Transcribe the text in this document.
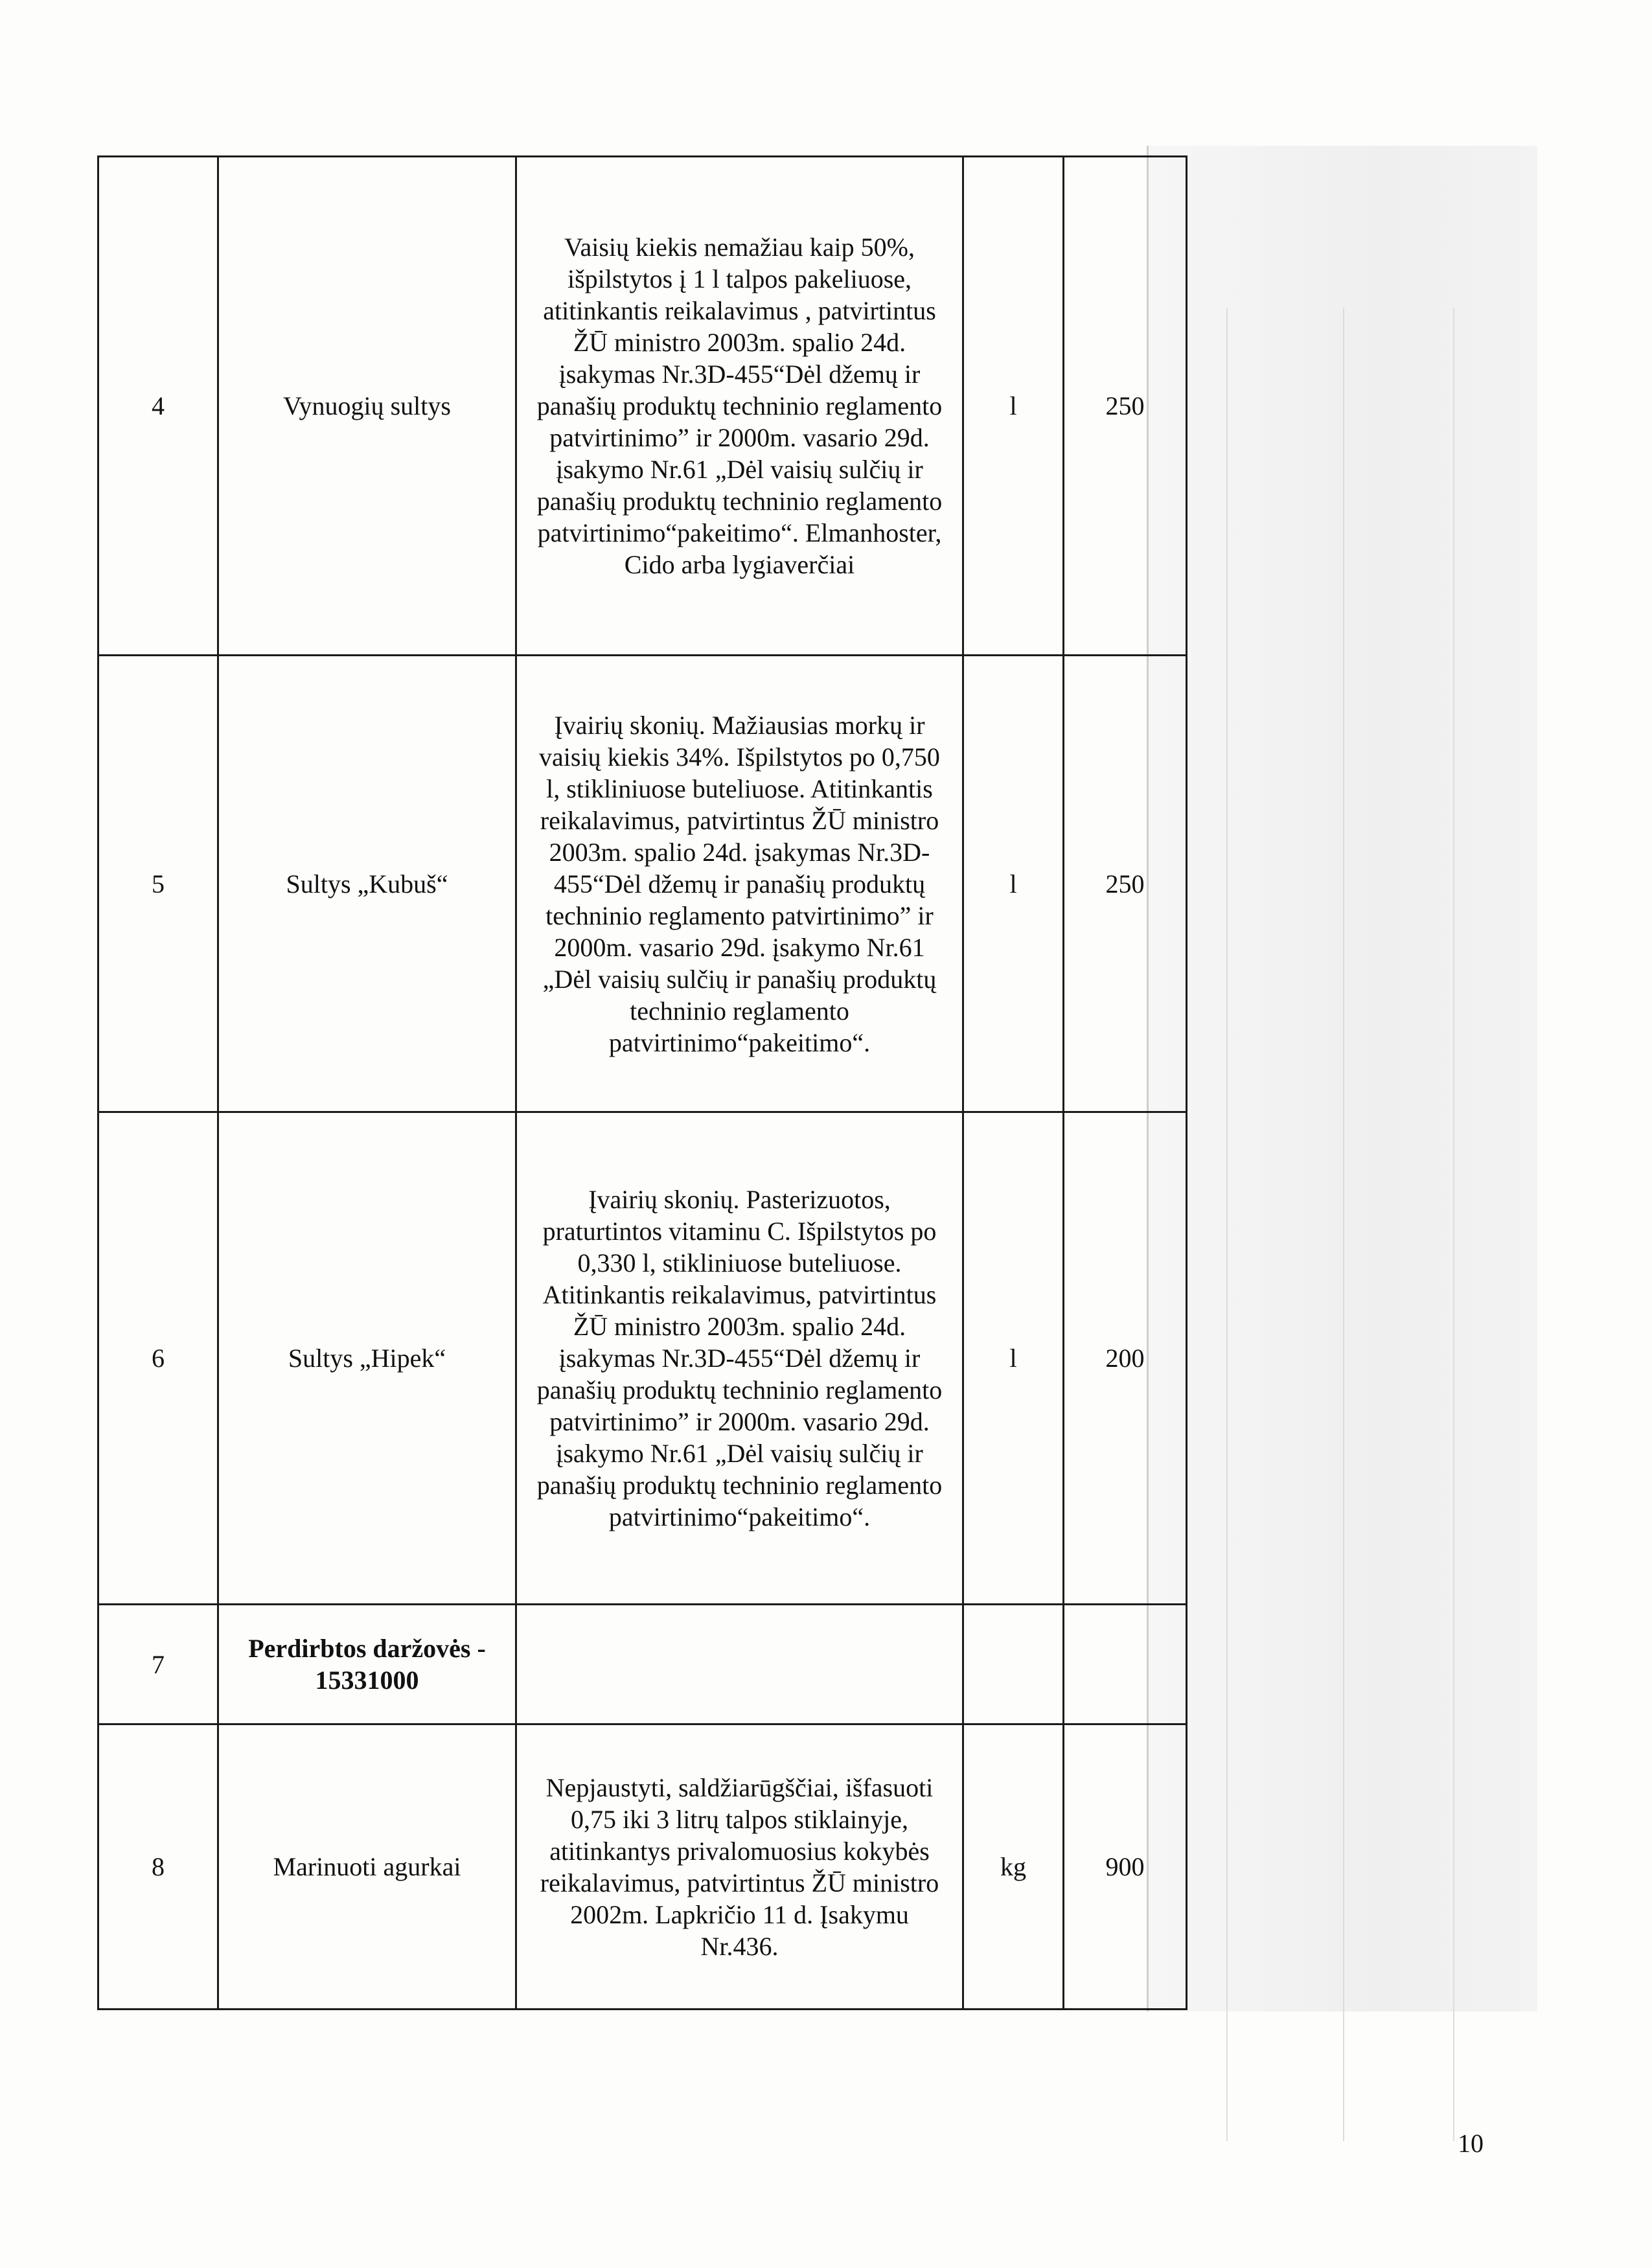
4	Vynuogių sultys	Vaisių kiekis nemažiau kaip 50%, išpilstytos į 1 l talpos pakeliuose, atitinkantis reikalavimus , patvirtintus ŽŪ ministro 2003m. spalio 24d. įsakymas Nr.3D-455“Dėl džemų ir panašių produktų techninio reglamento patvirtinimo” ir 2000m. vasario 29d. įsakymo Nr.61 „Dėl vaisių sulčių ir panašių produktų techninio reglamento patvirtinimo“pakeitimo“. Elmanhoster, Cido arba lygiaverčiai	l	250
5	Sultys „Kubuš“	Įvairių skonių. Mažiausias morkų ir vaisių kiekis 34%. Išpilstytos po 0,750 l, stikliniuose buteliuose. Atitinkantis reikalavimus, patvirtintus ŽŪ ministro 2003m. spalio 24d. įsakymas Nr.3D-455“Dėl džemų ir panašių produktų techninio reglamento patvirtinimo” ir 2000m. vasario 29d. įsakymo Nr.61 „Dėl vaisių sulčių ir panašių produktų techninio reglamento patvirtinimo“pakeitimo“.	l	250
6	Sultys „Hipek“	Įvairių skonių. Pasterizuotos, praturtintos vitaminu C. Išpilstytos po 0,330 l, stikliniuose buteliuose. Atitinkantis reikalavimus, patvirtintus ŽŪ ministro 2003m. spalio 24d. įsakymas Nr.3D-455“Dėl džemų ir panašių produktų techninio reglamento patvirtinimo” ir 2000m. vasario 29d. įsakymo Nr.61 „Dėl vaisių sulčių ir panašių produktų techninio reglamento patvirtinimo“pakeitimo“.	l	200
7	Perdirbtos daržovės - 15331000			
8	Marinuoti agurkai	Nepjaustyti, saldžiarūgščiai, išfasuoti 0,75 iki 3 litrų talpos stiklainyje, atitinkantys privalomuosius kokybės reikalavimus, patvirtintus ŽŪ ministro 2002m. Lapkričio 11 d. Įsakymu Nr.436.	kg	900
10
